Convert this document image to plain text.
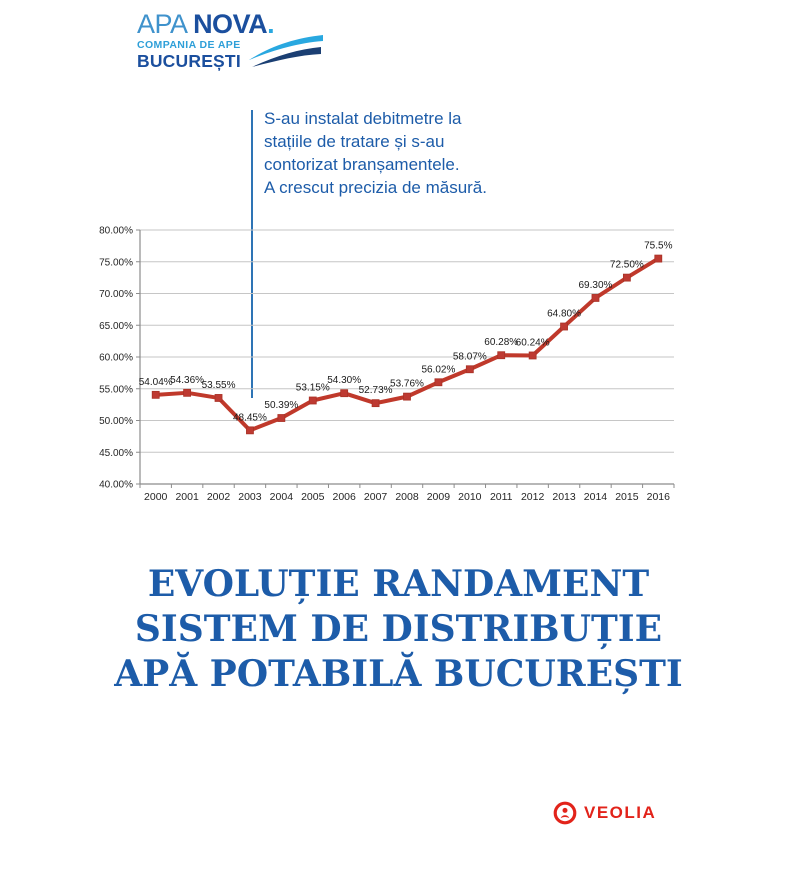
APA NOVA.
COMPANIA DE APE
BUCUREȘTI
S-au instalat debitmetre la
stațiile de tratare și s-au
contorizat branșamentele.
A crescut precizia de măsură.
40.00%
45.00%
50.00%
55.00%
60.00%
65.00%
70.00%
75.00%
80.00%
2000 2001 2002 2003 2004 2005 2006 2007 2008 2009 2010 2011 2012 2013 2014 2015 2016
54.04%
54.36%
53.55%
48.45%
50.39%
53.15%
54.30%
52.73%
53.76%
56.02%
58.07%
60.28%
60.24%
64.80%
69.30%
72.50%
75.5%
EVOLUȚIE RANDAMENT
SISTEM DE DISTRIBUȚIE
APĂ POTABILĂ BUCUREȘTI
VEOLIA
